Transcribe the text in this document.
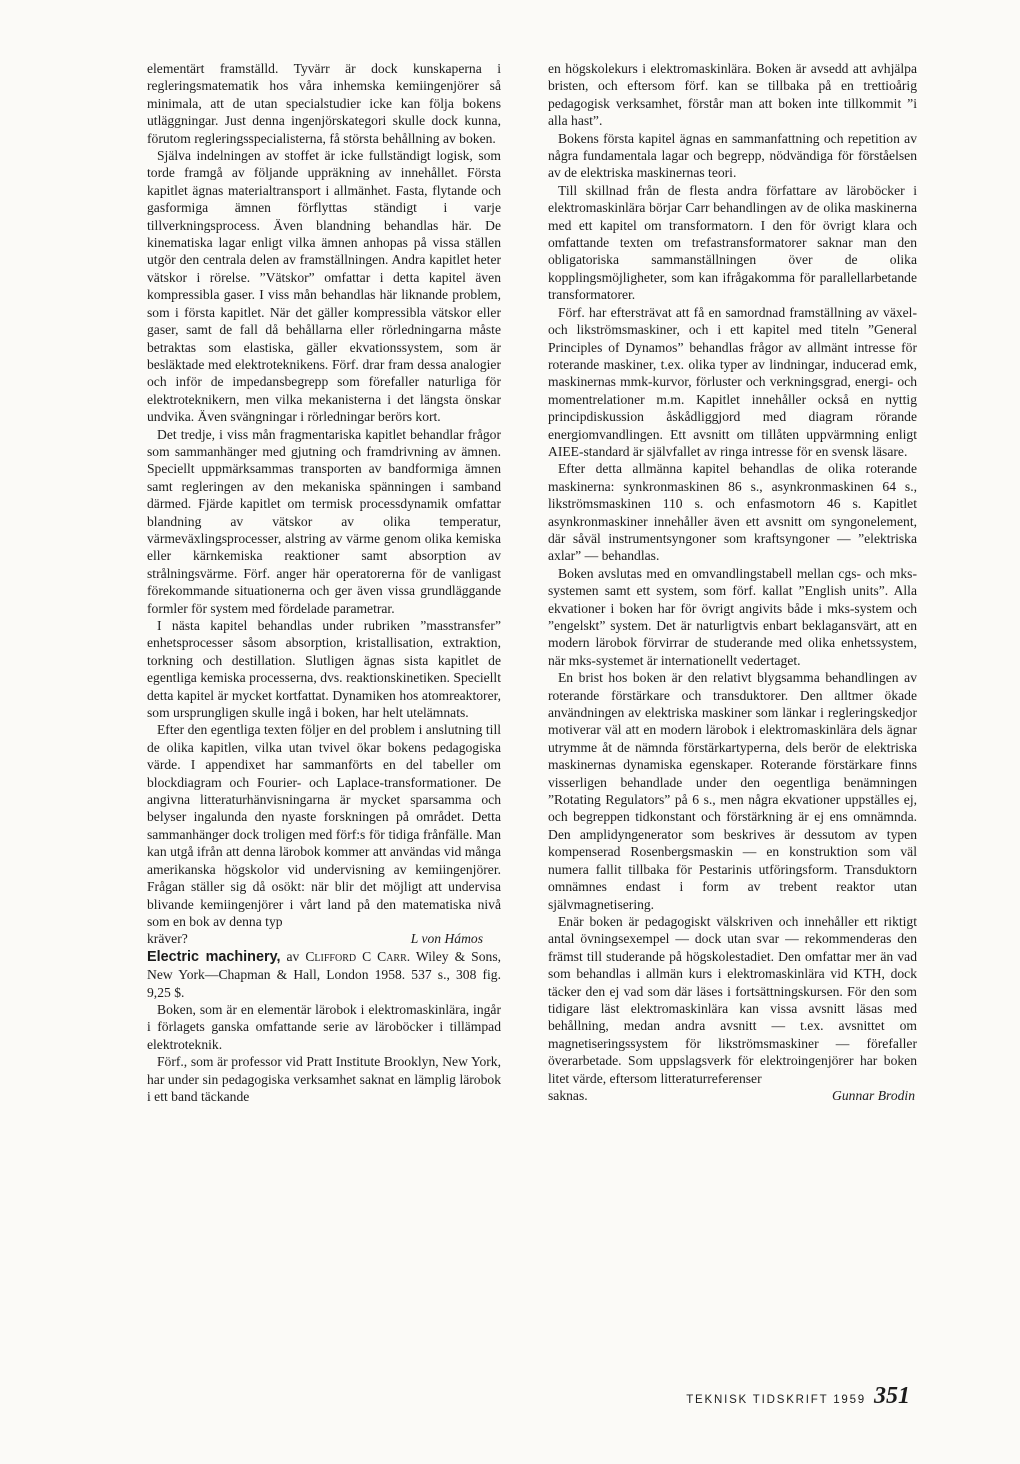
elementärt framställd. Tyvärr är dock kunskaperna i regleringsmatematik hos våra inhemska kemiingenjörer så minimala, att de utan specialstudier icke kan följa bokens utläggningar. Just denna ingenjörskategori skulle dock kunna, förutom regleringsspecialisterna, få största behållning av boken.

Själva indelningen av stoffet är icke fullständigt logisk, som torde framgå av följande uppräkning av innehållet. Första kapitlet ägnas materialtransport i allmänhet. Fasta, flytande och gasformiga ämnen förflyttas ständigt i varje tillverkningsprocess. Även blandning behandlas här. De kinematiska lagar enligt vilka ämnen anhopas på vissa ställen utgör den centrala delen av framställningen. Andra kapitlet heter vätskor i rörelse. ”Vätskor” omfattar i detta kapitel även kompressibla gaser. I viss mån behandlas här liknande problem, som i första kapitlet. När det gäller kompressibla vätskor eller gaser, samt de fall då behållarna eller rörledningarna måste betraktas som elastiska, gäller ekvationssystem, som är besläktade med elektroteknikens. Förf. drar fram dessa analogier och inför de impedansbegrepp som förefaller naturliga för elektroteknikern, men vilka mekanisterna i det längsta önskar undvika. Även svängningar i rörledningar berörs kort.

Det tredje, i viss mån fragmentariska kapitlet behandlar frågor som sammanhänger med gjutning och framdrivning av ämnen. Speciellt uppmärksammas transporten av bandformiga ämnen samt regleringen av den mekaniska spänningen i samband därmed. Fjärde kapitlet om termisk processdynamik omfattar blandning av vätskor av olika temperatur, värmeväxlingsprocesser, alstring av värme genom olika kemiska eller kärnkemiska reaktioner samt absorption av strålningsvärme. Förf. anger här operatorerna för de vanligast förekommande situationerna och ger även vissa grundläggande formler för system med fördelade parametrar.

I nästa kapitel behandlas under rubriken ”masstransfer” enhetsprocesser såsom absorption, kristallisation, extraktion, torkning och destillation. Slutligen ägnas sista kapitlet de egentliga kemiska processerna, dvs. reaktionskinetiken. Speciellt detta kapitel är mycket kortfattat. Dynamiken hos atomreaktorer, som ursprungligen skulle ingå i boken, har helt utelämnats.

Efter den egentliga texten följer en del problem i anslutning till de olika kapitlen, vilka utan tvivel ökar bokens pedagogiska värde. I appendixet har sammanförts en del tabeller om blockdiagram och Fourier- och Laplace-transformationer. De angivna litteraturhänvisningarna är mycket sparsamma och belyser ingalunda den nyaste forskningen på området. Detta sammanhänger dock troligen med förf:s för tidiga frånfälle. Man kan utgå ifrån att denna lärobok kommer att användas vid många amerikanska högskolor vid undervisning av kemiingenjörer. Frågan ställer sig då osökt: när blir det möjligt att undervisa blivande kemiingenjörer i vårt land på den matematiska nivå som en bok av denna typ

kräver?	L von Hámos

Electric machinery, av Clifford C Carr. Wiley & Sons, New York—Chapman & Hall, London 1958. 537 s., 308 fig. 9,25 $.

Boken, som är en elementär lärobok i elektromaskinlära, ingår i förlagets ganska omfattande serie av läroböcker i tillämpad elektroteknik.

Förf., som är professor vid Pratt Institute Brooklyn, New York, har under sin pedagogiska verksamhet saknat en lämplig lärobok i ett band täckande

en högskolekurs i elektromaskinlära. Boken är avsedd att avhjälpa bristen, och eftersom förf. kan se tillbaka på en trettioårig pedagogisk verksamhet, förstår man att boken inte tillkommit ”i alla hast”.

Bokens första kapitel ägnas en sammanfattning och repetition av några fundamentala lagar och begrepp, nödvändiga för förståelsen av de elektriska maskinernas teori.

Till skillnad från de flesta andra författare av läroböcker i elektromaskinlära börjar Carr behandlingen av de olika maskinerna med ett kapitel om transformatorn. I den för övrigt klara och omfattande texten om trefastransformatorer saknar man den obligatoriska sammanställningen över de olika kopplingsmöjligheter, som kan ifrågakomma för parallellarbetande transformatorer.

Förf. har eftersträvat att få en samordnad framställning av växel- och likströmsmaskiner, och i ett kapitel med titeln ”General Principles of Dynamos” behandlas frågor av allmänt intresse för roterande maskiner, t.ex. olika typer av lindningar, inducerad emk, maskinernas mmk-kurvor, förluster och verkningsgrad, energi- och momentrelationer m.m. Kapitlet innehåller också en nyttig principdiskussion åskådliggjord med diagram rörande energiomvandlingen. Ett avsnitt om tillåten uppvärmning enligt AIEE-standard är självfallet av ringa intresse för en svensk läsare.

Efter detta allmänna kapitel behandlas de olika roterande maskinerna: synkronmaskinen 86 s., asynkronmaskinen 64 s., likströmsmaskinen 110 s. och enfasmotorn 46 s. Kapitlet asynkronmaskiner innehåller även ett avsnitt om syngonelement, där såväl instrumentsyngoner som kraftsyngoner — ”elektriska axlar” — behandlas.

Boken avslutas med en omvandlingstabell mellan cgs- och mks-systemen samt ett system, som förf. kallat ”English units”. Alla ekvationer i boken har för övrigt angivits både i mks-system och ”engelskt” system. Det är naturligtvis enbart beklagansvärt, att en modern lärobok förvirrar de studerande med olika enhetssystem, när mks-systemet är internationellt vedertaget.

En brist hos boken är den relativt blygsamma behandlingen av roterande förstärkare och transduktorer. Den alltmer ökade användningen av elektriska maskiner som länkar i regleringskedjor motiverar väl att en modern lärobok i elektromaskinlära dels ägnar utrymme åt de nämnda förstärkartyperna, dels berör de elektriska maskinernas dynamiska egenskaper. Roterande förstärkare finns visserligen behandlade under den oegentliga benämningen ”Rotating Regulators” på 6 s., men några ekvationer uppställes ej, och begreppen tidkonstant och förstärkning är ej ens omnämnda. Den amplidyngenerator som beskrives är dessutom av typen kompenserad Rosenbergsmaskin — en konstruktion som väl numera fallit tillbaka för Pestarinis utföringsform. Transduktorn omnämnes endast i form av trebent reaktor utan självmagnetisering.

Enär boken är pedagogiskt välskriven och innehåller ett riktigt antal övningsexempel — dock utan svar — rekommenderas den främst till studerande på högskolestadiet. Den omfattar mer än vad som behandlas i allmän kurs i elektromaskinlära vid KTH, dock täcker den ej vad som där läses i fortsättningskursen. För den som tidigare läst elektromaskinlära kan vissa avsnitt läsas med behållning, medan andra avsnitt — t.ex. avsnittet om magnetiseringssystem för likströmsmaskiner — förefaller överarbetade. Som uppslagsverk för elektroingenjörer har boken litet värde, eftersom litteraturreferenser

saknas.	Gunnar Brodin
TEKNISK TIDSKRIFT 1959 351
